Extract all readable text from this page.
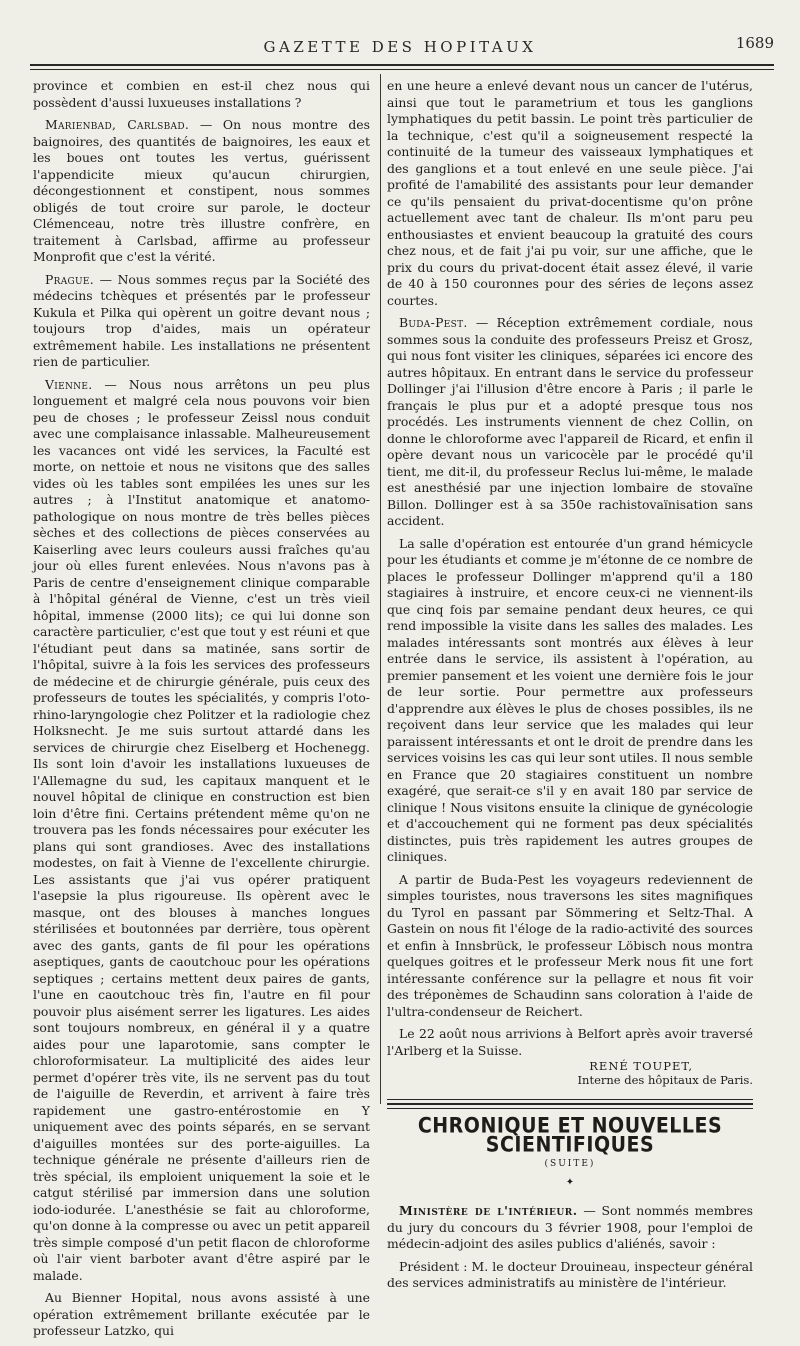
GAZETTE DES HOPITAUX	1689

province et combien en est-il chez nous qui possèdent d'aussi luxueuses installations ?

Marienbad, Carlsbad. — On nous montre des baignoires, des quantités de baignoires, les eaux et les boues ont toutes les vertus, guérissent l'appendicite mieux qu'aucun chirurgien, décongestionnent et constipent, nous sommes obligés de tout croire sur parole, le docteur Clémenceau, notre très illustre confrère, en traitement à Carlsbad, affirme au professeur Monprofit que c'est la vérité.

Prague. — Nous sommes reçus par la Société des médecins tchèques et présentés par le professeur Kukula et Pilka qui opèrent un goitre devant nous ; toujours trop d'aides, mais un opérateur extrêmement habile. Les installations ne présentent rien de particulier.

Vienne. — Nous nous arrêtons un peu plus longuement et malgré cela nous pouvons voir bien peu de choses ; le professeur Zeissl nous conduit avec une complaisance inlassable. Malheureusement les vacances ont vidé les services, la Faculté est morte, on nettoie et nous ne visitons que des salles vides où les tables sont empilées les unes sur les autres ; à l'Institut anatomique et anatomo-pathologique on nous montre de très belles pièces sèches et des collections de pièces conservées au Kaiserling avec leurs couleurs aussi fraîches qu'au jour où elles furent enlevées. Nous n'avons pas à Paris de centre d'enseignement clinique comparable à l'hôpital général de Vienne, c'est un très vieil hôpital, immense (2000 lits); ce qui lui donne son caractère particulier, c'est que tout y est réuni et que l'étudiant peut dans sa matinée, sans sortir de l'hôpital, suivre à la fois les services des professeurs de médecine et de chirurgie générale, puis ceux des professeurs de toutes les spécialités, y compris l'oto-rhino-laryngologie chez Politzer et la radiologie chez Holksnecht. Je me suis surtout attardé dans les services de chirurgie chez Eiselberg et Hochenegg. Ils sont loin d'avoir les installations luxueuses de l'Allemagne du sud, les capitaux manquent et le nouvel hôpital de clinique en construction est bien loin d'être fini. Certains prétendent même qu'on ne trouvera pas les fonds nécessaires pour exécuter les plans qui sont grandioses. Avec des installations modestes, on fait à Vienne de l'excellente chirurgie. Les assistants que j'ai vus opérer pratiquent l'asepsie la plus rigoureuse. Ils opèrent avec le masque, ont des blouses à manches longues stérilisées et boutonnées par derrière, tous opèrent avec des gants, gants de fil pour les opérations aseptiques, gants de caoutchouc pour les opérations septiques ; certains mettent deux paires de gants, l'une en caoutchouc très fin, l'autre en fil pour pouvoir plus aisément serrer les ligatures. Les aides sont toujours nombreux, en général il y a quatre aides pour une laparotomie, sans compter le chloroformisateur. La multiplicité des aides leur permet d'opérer très vite, ils ne servent pas du tout de l'aiguille de Reverdin, et arrivent à faire très rapidement une gastro-entérostomie en Y uniquement avec des points séparés, en se servant d'aiguilles montées sur des porte-aiguilles. La technique générale ne présente d'ailleurs rien de très spécial, ils emploient uniquement la soie et le catgut stérilisé par immersion dans une solution iodo-iodurée. L'anesthésie se fait au chloroforme, qu'on donne à la compresse ou avec un petit appareil très simple composé d'un petit flacon de chloroforme où l'air vient barboter avant d'être aspiré par le malade.

Au Bienner Hopital, nous avons assisté à une opération extrêmement brillante exécutée par le professeur Latzko, qui

en une heure a enlevé devant nous un cancer de l'utérus, ainsi que tout le parametrium et tous les ganglions lymphatiques du petit bassin. Le point très particulier de la technique, c'est qu'il a soigneusement respecté la continuité de la tumeur des vaisseaux lymphatiques et des ganglions et a tout enlevé en une seule pièce. J'ai profité de l'amabilité des assistants pour leur demander ce qu'ils pensaient du privat-docentisme qu'on prône actuellement avec tant de chaleur. Ils m'ont paru peu enthousiastes et envient beaucoup la gratuité des cours chez nous, et de fait j'ai pu voir, sur une affiche, que le prix du cours du privat-docent était assez élevé, il varie de 40 à 150 couronnes pour des séries de leçons assez courtes.

Buda-Pest. — Réception extrêmement cordiale, nous sommes sous la conduite des professeurs Preisz et Grosz, qui nous font visiter les cliniques, séparées ici encore des autres hôpitaux. En entrant dans le service du professeur Dollinger j'ai l'illusion d'être encore à Paris ; il parle le français le plus pur et a adopté presque tous nos procédés. Les instruments viennent de chez Collin, on donne le chloroforme avec l'appareil de Ricard, et enfin il opère devant nous un varicocèle par le procédé qu'il tient, me dit-il, du professeur Reclus lui-même, le malade est anesthésié par une injection lombaire de stovaïne Billon. Dollinger est à sa 350e rachistovaïnisation sans accident.

La salle d'opération est entourée d'un grand hémicycle pour les étudiants et comme je m'étonne de ce nombre de places le professeur Dollinger m'apprend qu'il a 180 stagiaires à instruire, et encore ceux-ci ne viennent-ils que cinq fois par semaine pendant deux heures, ce qui rend impossible la visite dans les salles des malades. Les malades intéressants sont montrés aux élèves à leur entrée dans le service, ils assistent à l'opération, au premier pansement et les voient une dernière fois le jour de leur sortie. Pour permettre aux professeurs d'apprendre aux élèves le plus de choses possibles, ils ne reçoivent dans leur service que les malades qui leur paraissent intéressants et ont le droit de prendre dans les services voisins les cas qui leur sont utiles. Il nous semble en France que 20 stagiaires constituent un nombre exagéré, que serait-ce s'il y en avait 180 par service de clinique ! Nous visitons ensuite la clinique de gynécologie et d'accouchement qui ne forment pas deux spécialités distinctes, puis très rapidement les autres groupes de cliniques.

A partir de Buda-Pest les voyageurs redeviennent de simples touristes, nous traversons les sites magnifiques du Tyrol en passant par Sömmering et Seltz-Thal. A Gastein on nous fit l'éloge de la radio-activité des sources et enfin à Innsbrück, le professeur Löbisch nous montra quelques goitres et le professeur Merk nous fit une fort intéressante conférence sur la pellagre et nous fit voir des tréponèmes de Schaudinn sans coloration à l'aide de l'ultra-condenseur de Reichert.

Le 22 août nous arrivions à Belfort après avoir traversé l'Arlberg et la Suisse.

RENÉ TOUPET,
Interne des hôpitaux de Paris.
CHRONIQUE ET NOUVELLES SCIENTIFIQUES
(SUITE)
✦

Ministère de l'intérieur. — Sont nommés membres du jury du concours du 3 février 1908, pour l'emploi de médecin-adjoint des asiles publics d'aliénés, savoir :

Président : M. le docteur Drouineau, inspecteur général des services administratifs au ministère de l'intérieur.
